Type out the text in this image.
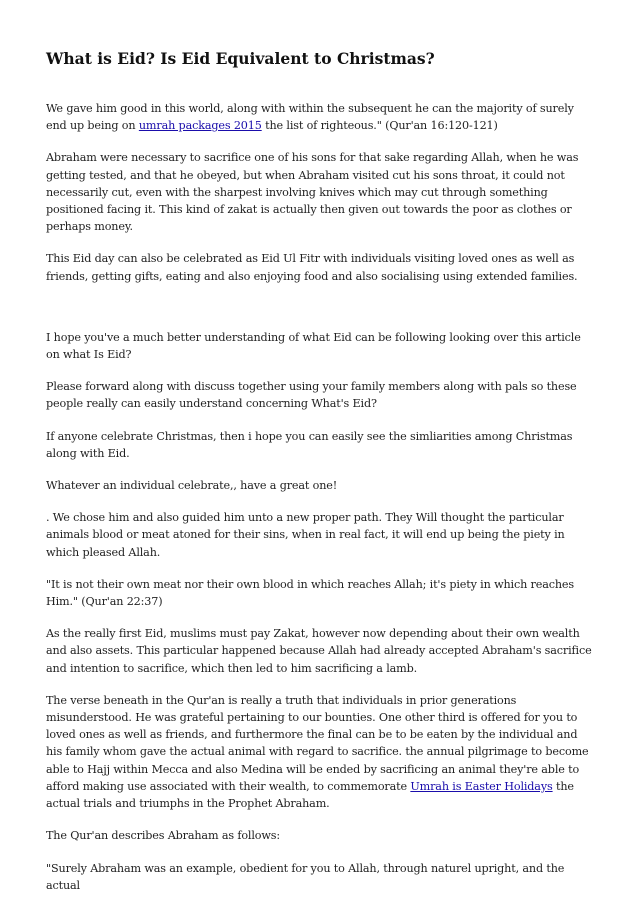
What is Eid? Is Eid Equivalent to Christmas?

We gave him good in this world, along with within the subsequent he can the majority of surely end up being on umrah packages 2015 the list of righteous." (Qur'an 16:120-121)

Abraham were necessary to sacrifice one of his sons for that sake regarding Allah, when he was getting tested, and that he obeyed, but when Abraham visited cut his sons throat, it could not necessarily cut, even with the sharpest involving knives which may cut through something positioned facing it. This kind of zakat is actually then given out towards the poor as clothes or perhaps money.

This Eid day can also be celebrated as Eid Ul Fitr with individuals visiting loved ones as well as friends, getting gifts, eating and also enjoying food and also socialising using extended families.

I hope you've a much better understanding of what Eid can be following looking over this article on what Is Eid?

Please forward along with discuss together using your family members along with pals so these people really can easily understand concerning What's Eid?

If anyone celebrate Christmas, then i hope you can easily see the simliarities among Christmas along with Eid.

Whatever an individual celebrate,, have a great one!

. We chose him and also guided him unto a new proper path. They Will thought the particular animals blood or meat atoned for their sins, when in real fact, it will end up being the piety in which pleased Allah.

"It is not their own meat nor their own blood in which reaches Allah; it's piety in which reaches Him." (Qur'an 22:37)

As the really first Eid, muslims must pay Zakat, however now depending about their own wealth and also assets. This particular happened because Allah had already accepted Abraham's sacrifice and intention to sacrifice, which then led to him sacrificing a lamb.

The verse beneath in the Qur'an is really a truth that individuals in prior generations misunderstood. He was grateful pertaining to our bounties. One other third is offered for you to loved ones as well as friends, and furthermore the final can be to be eaten by the individual and his family whom gave the actual animal with regard to sacrifice. the annual pilgrimage to become able to Hajj within Mecca and also Medina will be ended by sacrificing an animal they're able to afford making use associated with their wealth, to commemorate Umrah is Easter Holidays the actual trials and triumphs in the Prophet Abraham.

The Qur'an describes Abraham as follows:

"Surely Abraham was an example, obedient for you to Allah, through naturel upright, and the actual
